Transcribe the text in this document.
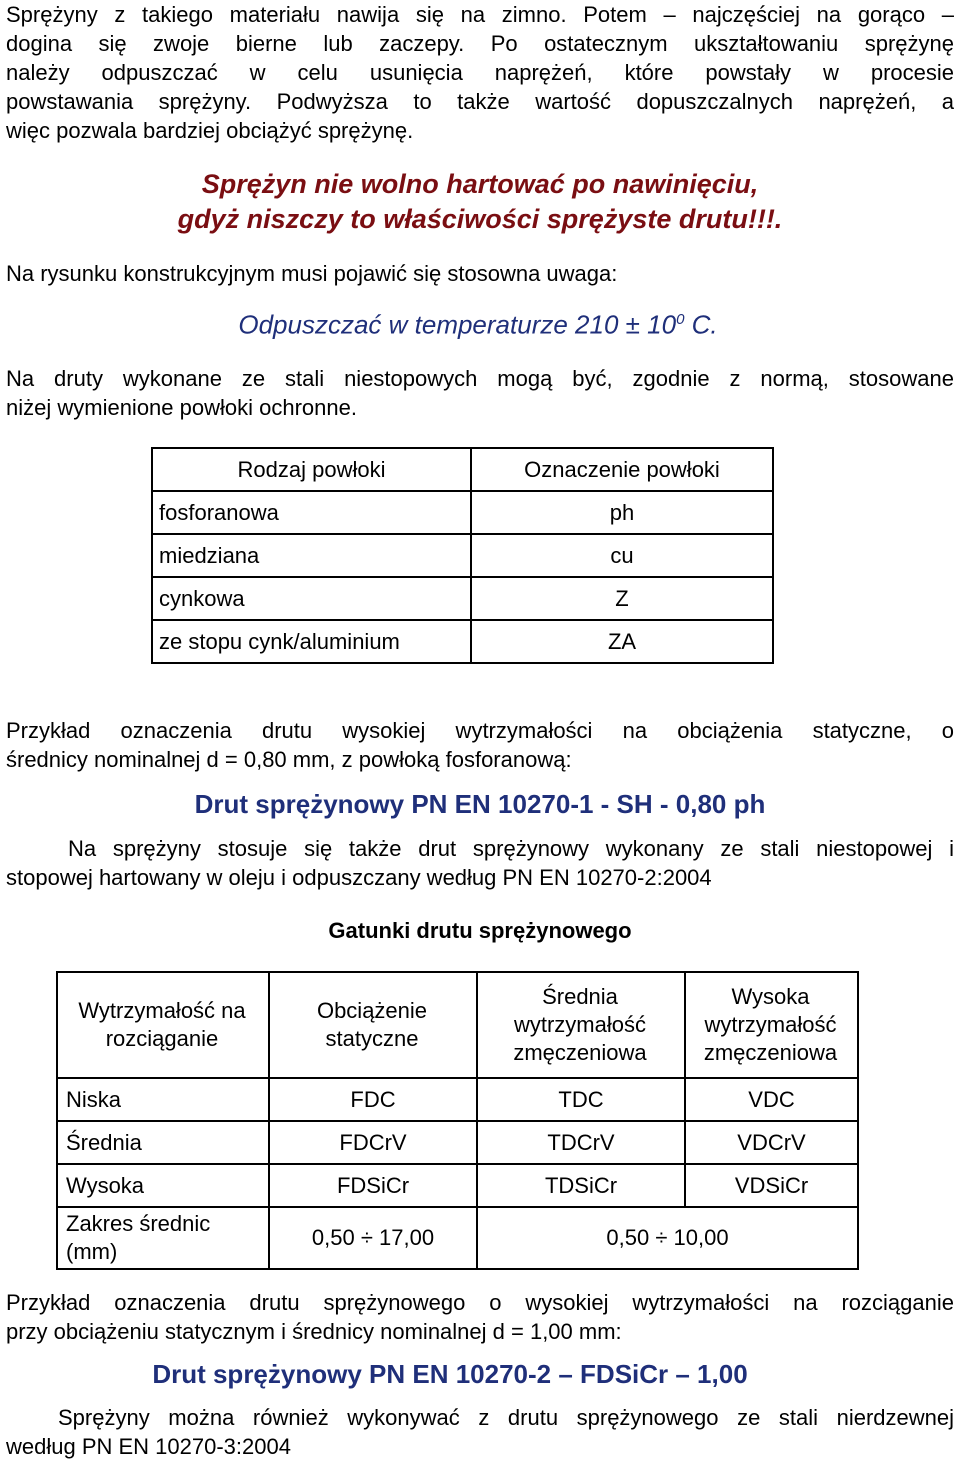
Sprężyny z takiego materiału nawija się na zimno. Potem – najczęściej na gorąco –
dogina się zwoje bierne lub zaczepy. Po ostatecznym ukształtowaniu sprężynę
należy odpuszczać w celu usunięcia naprężeń, które powstały w procesie
powstawania sprężyny. Podwyższa to także wartość dopuszczalnych naprężeń, a
więc pozwala bardziej obciążyć sprężynę.
Sprężyn nie wolno hartować po nawinięciu,
gdyż niszczy to właściwości sprężyste drutu!!!.
Na rysunku konstrukcyjnym musi pojawić się stosowna uwaga:
Odpuszczać w temperaturze $210 \pm 10^0$ C.
Na druty wykonane ze stali niestopowych mogą być, zgodnie z normą, stosowane
niżej wymienione powłoki ochronne.
Rodzaj powłoki	Oznaczenie powłoki
fosforanowa	ph
miedziana	cu
cynkowa	Z
ze stopu cynk/aluminium	ZA
Przykład oznaczenia drutu wysokiej wytrzymałości na obciążenia statyczne, o
średnicy nominalnej d = 0,80 mm, z powłoką fosforanową:
Drut sprężynowy PN EN 10270-1 - SH - 0,80 ph
Na sprężyny stosuje się także drut sprężynowy wykonany ze stali niestopowej i
stopowej hartowany w oleju i odpuszczany według PN EN 10270-2:2004
Gatunki drutu sprężynowego
Wytrzymałość na rozciąganie	Obciążenie statyczne	Średnia wytrzymałość zmęczeniowa	Wysoka wytrzymałość zmęczeniowa
Niska	FDC	TDC	VDC
Średnia	FDCrV	TDCrV	VDCrV
Wysoka	FDSiCr	TDSiCr	VDSiCr
Zakres średnic (mm)	0,50 ÷ 17,00	0,50 ÷ 10,00	
Przykład oznaczenia drutu sprężynowego o wysokiej wytrzymałości na rozciąganie
przy obciążeniu statycznym i średnicy nominalnej d = 1,00 mm:
Drut sprężynowy PN EN 10270-2 – FDSiCr – 1,00
Sprężyny można również wykonywać z drutu sprężynowego ze stali nierdzewnej
według PN EN 10270-3:2004
